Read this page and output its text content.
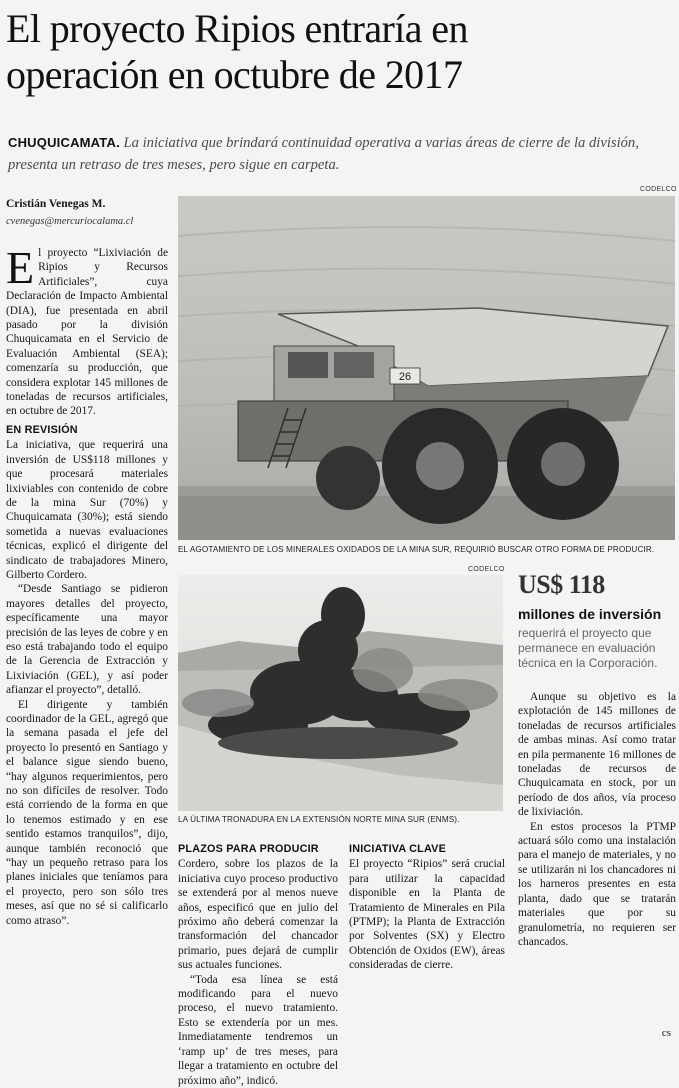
El proyecto Ripios entraría en
operación en octubre de 2017
CHUQUICAMATA. La iniciativa que brindará continuidad operativa a varias áreas de cierre de la división, presenta un retraso de tres meses, pero sigue en carpeta.
Cristián Venegas M.
cvenegas@mercuriocalama.cl

El proyecto “Lixiviación de Ripios y Recursos Artificiales”, cuya Declaración de Impacto Ambiental (DIA), fue presentada en abril pasado por la división Chuquicamata en el Servicio de Evaluación Ambiental (SEA); comenzaría su producción, que considera explotar 145 millones de toneladas de recursos artificiales, en octubre de 2017.

EN REVISIÓN

La iniciativa, que requerirá una inversión de US$118 millones y que procesará materiales lixiviables con contenido de cobre de la mina Sur (70%) y Chuquicamata (30%); está siendo sometida a nuevas evaluaciones técnicas, explicó el dirigente del sindicato de trabajadores Minero, Gilberto Cordero.

“Desde Santiago se pidieron mayores detalles del proyecto, específicamente una mayor precisión de las leyes de cobre y en eso está trabajando todo el equipo de la Gerencia de Extracción y Lixiviación (GEL), y así poder afianzar el proyecto”, detalló.

El dirigente y también coordinador de la GEL, agregó que la semana pasada el jefe del proyecto lo presentó en Santiago y el balance sigue siendo bueno, “hay algunos requerimientos, pero no son difíciles de resolver. Todo está corriendo de la forma en que lo tenemos estimado y en ese sentido estamos tranquilos”, dijo, aunque también reconoció que “hay un pequeño retraso para los planes iniciales que teníamos para el proyecto, pero son sólo tres meses, así que no sé si calificarlo como atraso”.

CODELCO
26
EL AGOTAMIENTO DE LOS MINERALES OXIDADOS DE LA MINA SUR, REQUIRIÓ BUSCAR OTRO FORMA DE PRODUCIR.
CODELCO
LA ÚLTIMA TRONADURA EN LA EXTENSIÓN NORTE MINA SUR (ENMS).
US$ 118
millones de inversión
requerirá el proyecto que permanece en evaluación técnica en la Corporación.
PLAZOS PARA PRODUCIR

Cordero, sobre los plazos de la iniciativa cuyo proceso productivo se extenderá por al menos nueve años, especificó que en julio del próximo año deberá comenzar la transformación del chancador primario, pues dejará de cumplir sus actuales funciones.

“Toda esa línea se está modificando para el nuevo proceso, el nuevo tratamiento. Esto se extendería por un mes. Inmediatamente tendremos un ‘ramp up’ de tres meses, para llegar a tratamiento en octubre del próximo año”, indicó.

INICIATIVA CLAVE

El proyecto “Ripios” será crucial para utilizar la capacidad disponible en la Planta de Tratamiento de Minerales en Pila (PTMP); la Planta de Extracción por Solventes (SX) y Electro Obtención de Oxidos (EW), áreas consideradas de cierre.

Aunque su objetivo es la explotación de 145 millones de toneladas de recursos artificiales de ambas minas. Así como tratar en pila permanente 16 millones de toneladas de recursos de Chuquicamata en stock, por un período de dos años, vía proceso de lixiviación.

En estos procesos la PTMP actuará sólo como una instalación para el manejo de materiales, y no se utilizarán ni los chancadores ni los harneros presentes en esta planta, dado que se tratarán materiales que por su granulometría, no requieren ser chancados.

cs
